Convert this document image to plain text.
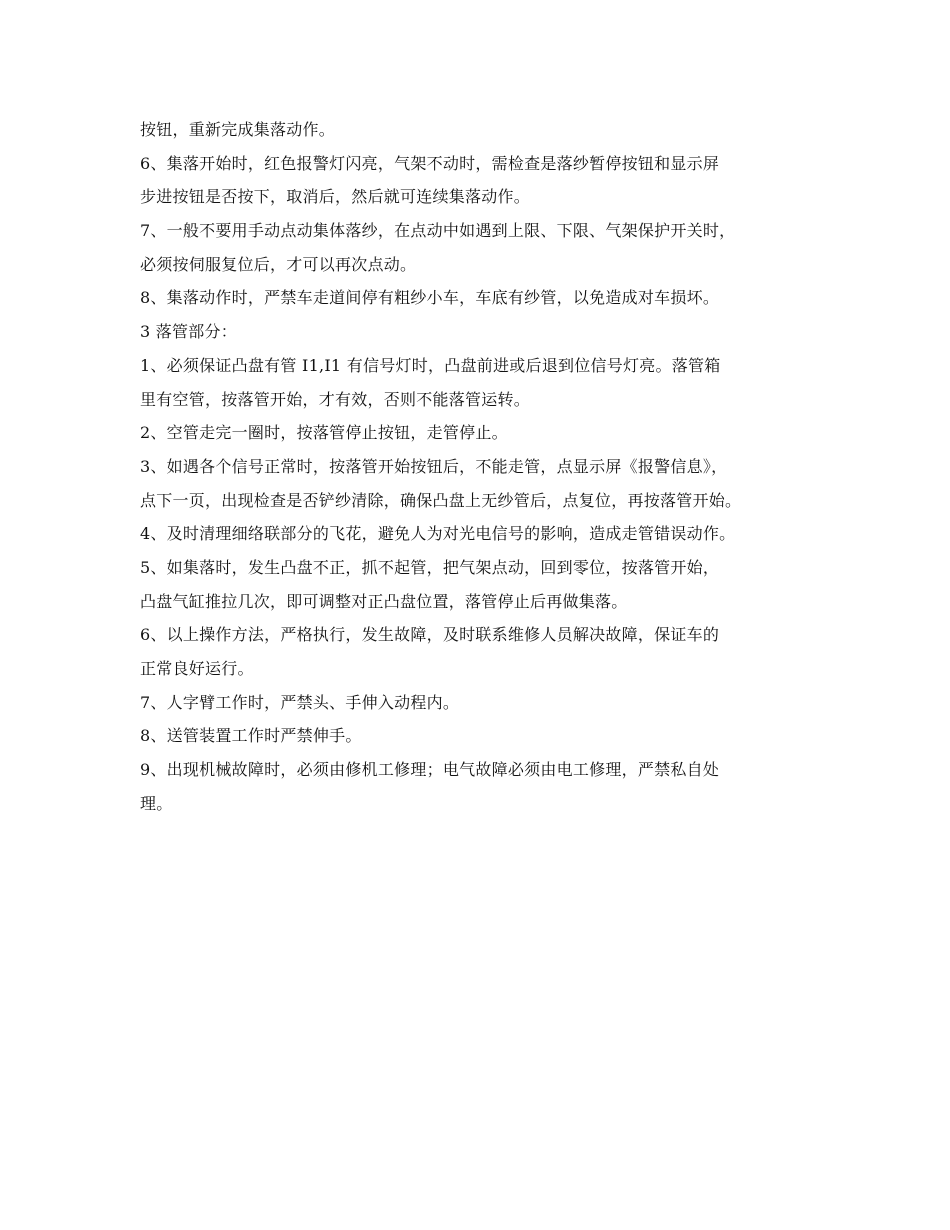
按钮，重新完成集落动作。
6、集落开始时，红色报警灯闪亮，气架不动时，需检查是落纱暂停按钮和显示屏
步进按钮是否按下，取消后，然后就可连续集落动作。
7、一般不要用手动点动集体落纱，在点动中如遇到上限、下限、气架保护开关时，
必须按伺服复位后，才可以再次点动。
8、集落动作时，严禁车走道间停有粗纱小车，车底有纱管，以免造成对车损坏。
3 落管部分：
1、必须保证凸盘有管 I1,I1 有信号灯时，凸盘前进或后退到位信号灯亮。落管箱
里有空管，按落管开始，才有效，否则不能落管运转。
2、空管走完一圈时，按落管停止按钮，走管停止。
3、如遇各个信号正常时，按落管开始按钮后，不能走管，点显示屏《报警信息》，
点下一页，出现检查是否铲纱清除，确保凸盘上无纱管后，点复位，再按落管开始。
4、及时清理细络联部分的飞花，避免人为对光电信号的影响，造成走管错误动作。
5、如集落时，发生凸盘不正，抓不起管，把气架点动，回到零位，按落管开始，
凸盘气缸推拉几次，即可调整对正凸盘位置，落管停止后再做集落。
6、以上操作方法，严格执行，发生故障，及时联系维修人员解决故障，保证车的
正常良好运行。
7、人字臂工作时，严禁头、手伸入动程内。
8、送管装置工作时严禁伸手。
9、出现机械故障时，必须由修机工修理；电气故障必须由电工修理，严禁私自处
理。
